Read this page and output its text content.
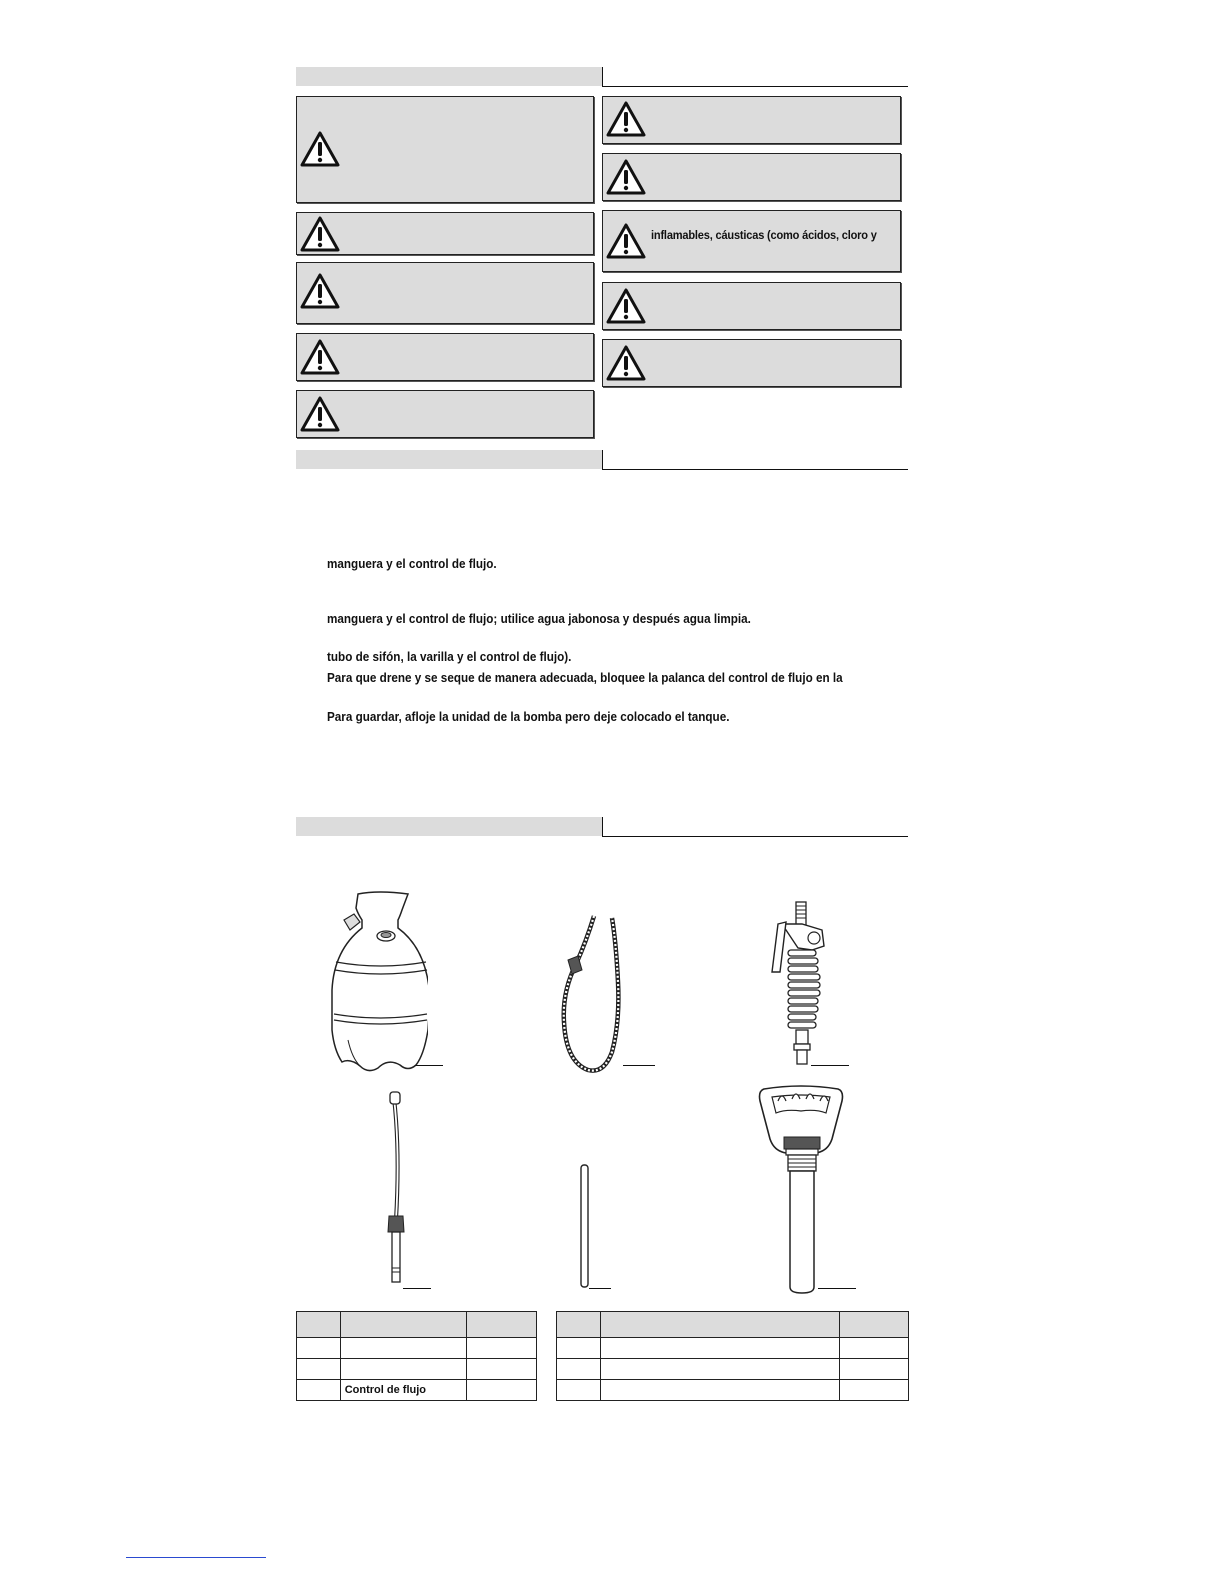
inflamables, cáusticas (como ácidos, cloro y
manguera y el control de flujo.
manguera y el control de flujo; utilice agua jabonosa y después agua limpia.
tubo de sifón, la varilla y el control de flujo).
Para que drene y se seque de manera adecuada, bloquee la palanca del control de flujo en la
Para guardar, afloje la unidad de la bomba pero deje colocado el tanque.

	Control de flujo	
